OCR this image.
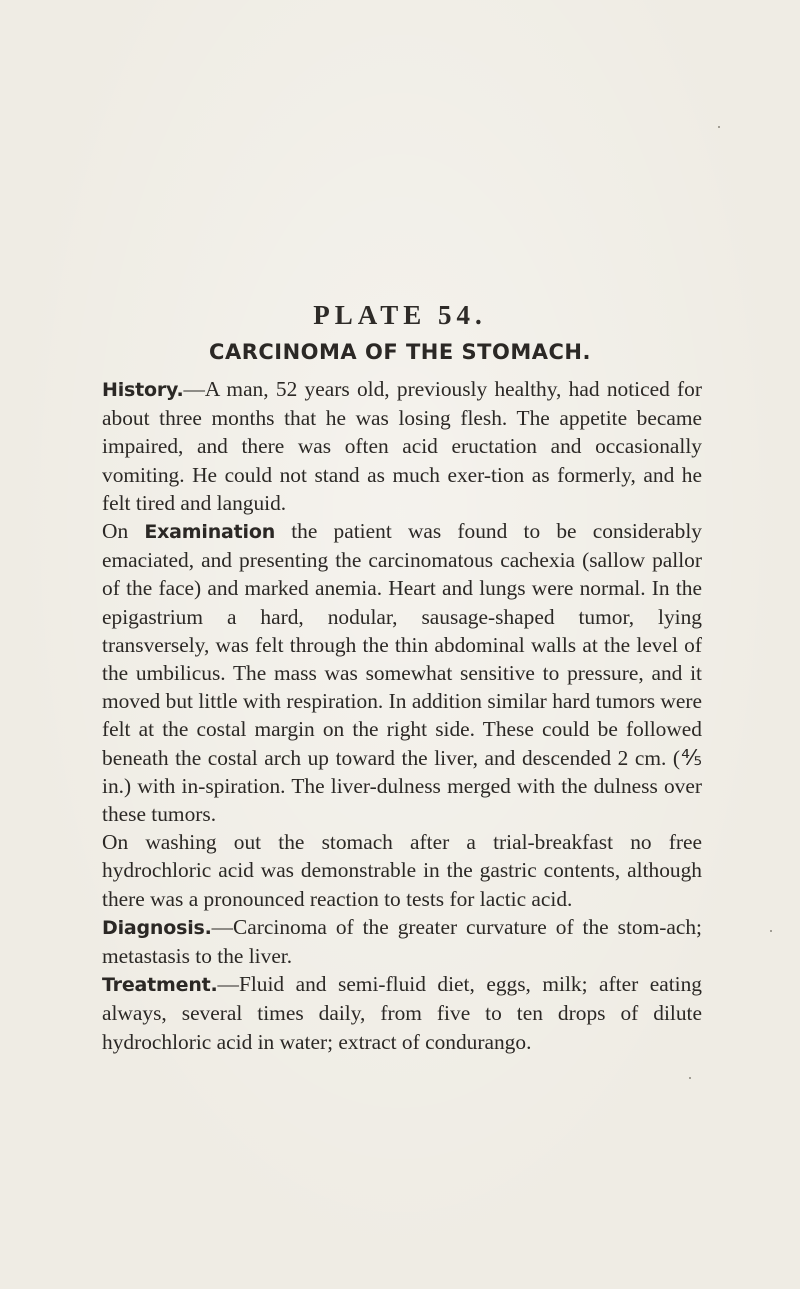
PLATE 54.
CARCINOMA OF THE STOMACH.

History.—A man, 52 years old, previously healthy, had noticed for about three months that he was losing flesh. The appetite became impaired, and there was often acid eructation and occasionally vomiting. He could not stand as much exer-tion as formerly, and he felt tired and languid.

On Examination the patient was found to be considerably emaciated, and presenting the carcinomatous cachexia (sallow pallor of the face) and marked anemia. Heart and lungs were normal. In the epigastrium a hard, nodular, sausage-shaped tumor, lying transversely, was felt through the thin abdominal walls at the level of the umbilicus. The mass was somewhat sensitive to pressure, and it moved but little with respiration. In addition similar hard tumors were felt at the costal margin on the right side. These could be followed beneath the costal arch up toward the liver, and descended 2 cm. (⅘ in.) with in-spiration. The liver-dulness merged with the dulness over these tumors.

On washing out the stomach after a trial-breakfast no free hydrochloric acid was demonstrable in the gastric contents, although there was a pronounced reaction to tests for lactic acid.

Diagnosis.—Carcinoma of the greater curvature of the stom-ach; metastasis to the liver.

Treatment.—Fluid and semi-fluid diet, eggs, milk; after eating always, several times daily, from five to ten drops of dilute hydrochloric acid in water; extract of condurango.
